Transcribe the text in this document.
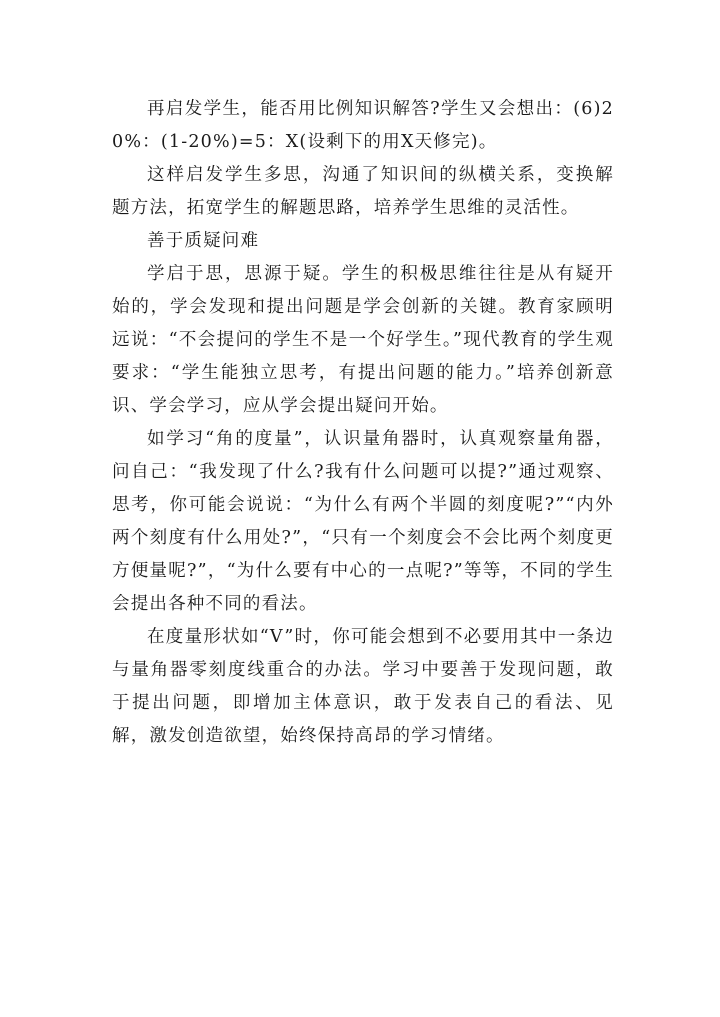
再启发学生，能否用比例知识解答?学生又会想出：(6)20%：(1-20%)=5：X(设剩下的用X天修完)。

这样启发学生多思，沟通了知识间的纵横关系，变换解题方法，拓宽学生的解题思路，培养学生思维的灵活性。

善于质疑问难

学启于思，思源于疑。学生的积极思维往往是从有疑开始的，学会发现和提出问题是学会创新的关键。教育家顾明远说：“不会提问的学生不是一个好学生。”现代教育的学生观要求：“学生能独立思考，有提出问题的能力。”培养创新意识、学会学习，应从学会提出疑问开始。

如学习“角的度量”，认识量角器时，认真观察量角器，问自己：“我发现了什么?我有什么问题可以提?”通过观察、思考，你可能会说说：“为什么有两个半圆的刻度呢?”“内外两个刻度有什么用处?”，“只有一个刻度会不会比两个刻度更方便量呢?”，“为什么要有中心的一点呢?”等等，不同的学生会提出各种不同的看法。

在度量形状如“V”时，你可能会想到不必要用其中一条边与量角器零刻度线重合的办法。学习中要善于发现问题，敢于提出问题，即增加主体意识，敢于发表自己的看法、见解，激发创造欲望，始终保持高昂的学习情绪。
